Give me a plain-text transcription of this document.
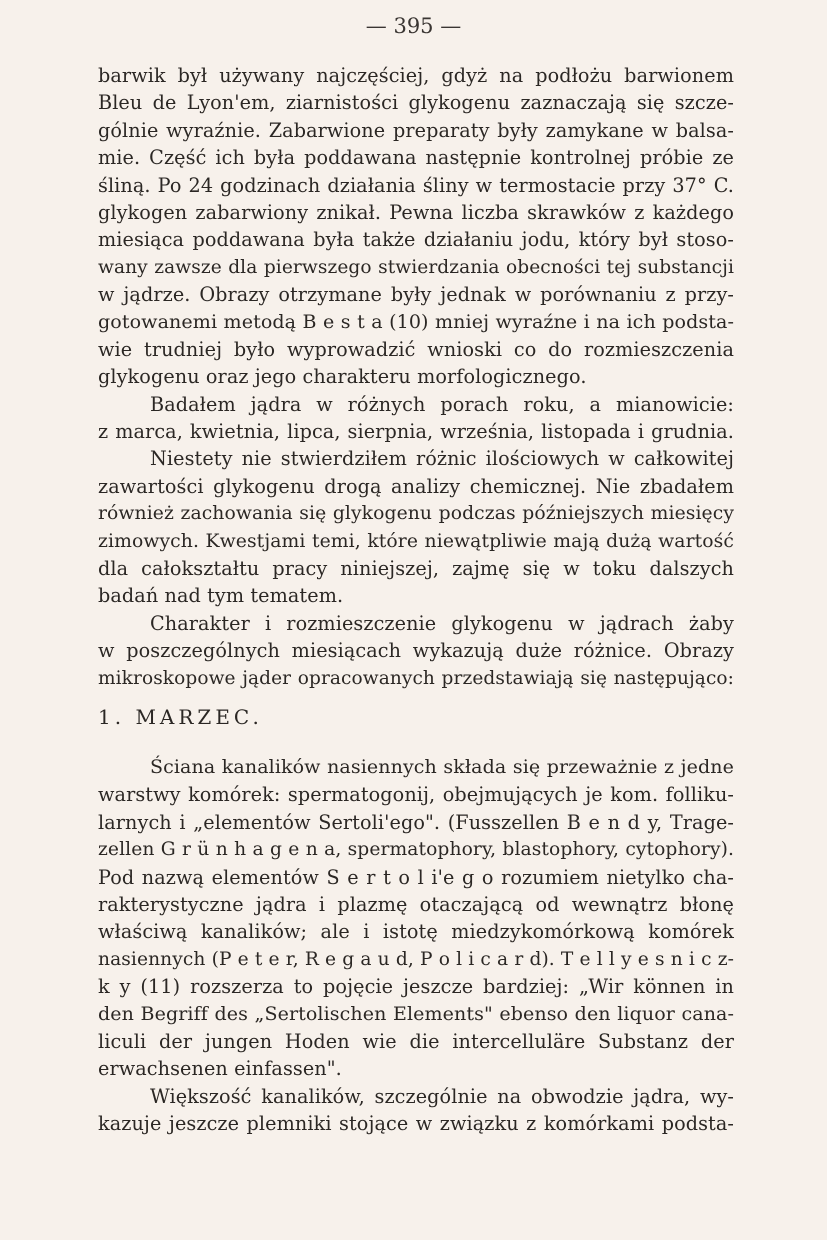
— 395 —
barwik był używany najczęściej, gdyż na podłożu barwionem
Bleu de Lyon'em, ziarnistości glykogenu zaznaczają się szcze-
gólnie wyraźnie. Zabarwione preparaty były zamykane w balsa-
mie. Część ich była poddawana następnie kontrolnej próbie ze
śliną. Po 24 godzinach działania śliny w termostacie przy 37° C.
glykogen zabarwiony znikał. Pewna liczba skrawków z każdego
miesiąca poddawana była także działaniu jodu, który był stoso-
wany zawsze dla pierwszego stwierdzania obecności tej substancji
w jądrze. Obrazy otrzymane były jednak w porównaniu z przy-
gotowanemi metodą B e s t a (10) mniej wyraźne i na ich podsta-
wie trudniej było wyprowadzić wnioski co do rozmieszczenia
glykogenu oraz jego charakteru morfologicznego.
Badałem jądra w różnych porach roku, a mianowicie:
z marca, kwietnia, lipca, sierpnia, września, listopada i grudnia.
Niestety nie stwierdziłem różnic ilościowych w całkowitej
zawartości glykogenu drogą analizy chemicznej. Nie zbadałem
również zachowania się glykogenu podczas późniejszych miesięcy
zimowych. Kwestjami temi, które niewątpliwie mają dużą wartość
dla całokształtu pracy niniejszej, zajmę się w toku dalszych
badań nad tym tematem.
Charakter i rozmieszczenie glykogenu w jądrach żaby
w poszczególnych miesiącach wykazują duże różnice. Obrazy
mikroskopowe jąder opracowanych przedstawiają się następująco:
1. MARZEC.
Ściana kanalików nasiennych składa się przeważnie z jedne
warstwy komórek: spermatogonij, obejmujących je kom. folliku-
larnych i „elementów Sertoli'ego". (Fusszellen B e n d y, Trage-
zellen G r ü n h a g e n a, spermatophory, blastophory, cytophory).
Pod nazwą elementów S e r t o l i'e g o rozumiem nietylko cha-
rakterystyczne jądra i plazmę otaczającą od wewnątrz błonę
właściwą kanalików; ale i istotę miedzykomórkową komórek
nasiennych (P e t e r, R e g a u d, P o l i c a r d). T e l l y e s n i c z-
k y (11) rozszerza to pojęcie jeszcze bardziej: „Wir können in
den Begriff des „Sertolischen Elements" ebenso den liquor cana-
liculi der jungen Hoden wie die intercelluläre Substanz der
erwachsenen einfassen".
Większość kanalików, szczególnie na obwodzie jądra, wy-
kazuje jeszcze plemniki stojące w związku z komórkami podsta-
